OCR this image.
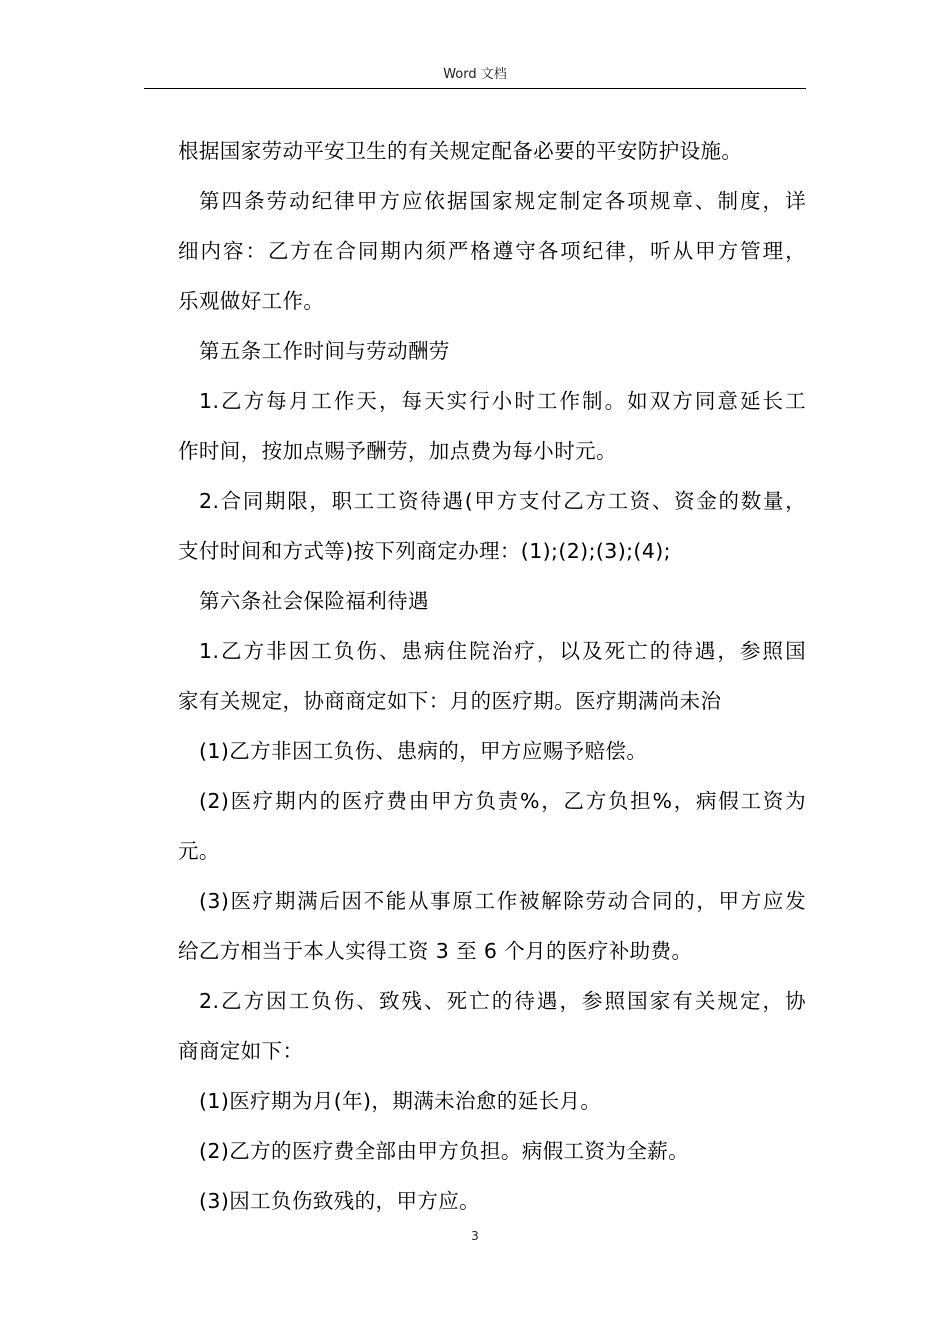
Word 文档
根据国家劳动平安卫生的有关规定配备必要的平安防护设施。
第四条劳动纪律甲方应依据国家规定制定各项规章、制度，详
细内容：乙方在合同期内须严格遵守各项纪律，听从甲方管理，
乐观做好工作。
第五条工作时间与劳动酬劳
1.乙方每月工作天，每天实行小时工作制。如双方同意延长工
作时间，按加点赐予酬劳，加点费为每小时元。
2.合同期限，职工工资待遇(甲方支付乙方工资、资金的数量，
支付时间和方式等)按下列商定办理：(1);(2);(3);(4);
第六条社会保险福利待遇
1.乙方非因工负伤、患病住院治疗，以及死亡的待遇，参照国
家有关规定，协商商定如下：月的医疗期。医疗期满尚未治
(1)乙方非因工负伤、患病的，甲方应赐予赔偿。
(2)医疗期内的医疗费由甲方负责%，乙方负担%，病假工资为
元。
(3)医疗期满后因不能从事原工作被解除劳动合同的，甲方应发
给乙方相当于本人实得工资 3 至 6 个月的医疗补助费。
2.乙方因工负伤、致残、死亡的待遇，参照国家有关规定，协
商商定如下：
(1)医疗期为月(年)，期满未治愈的延长月。
(2)乙方的医疗费全部由甲方负担。病假工资为全薪。
(3)因工负伤致残的，甲方应。
3
